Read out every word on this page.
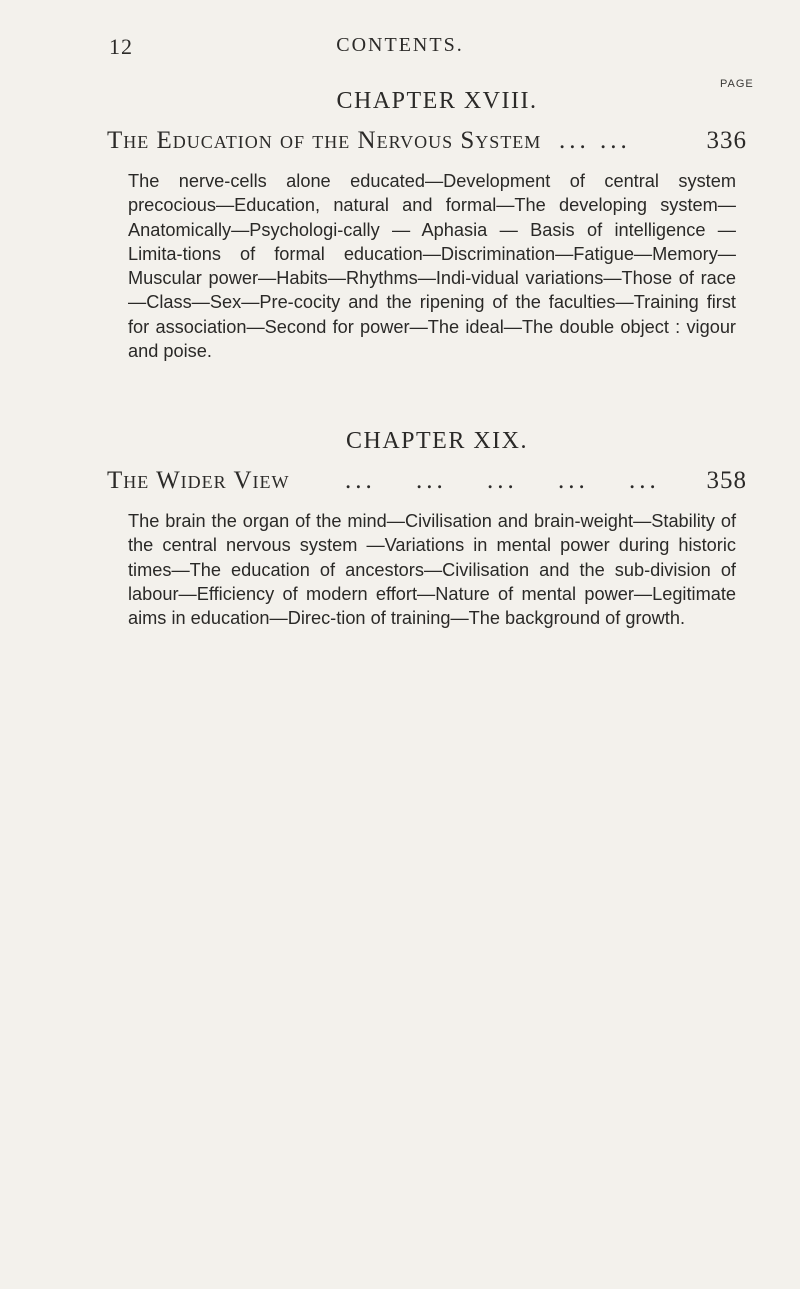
12	CONTENTS.
PAGE
CHAPTER XVIII.
The Education of the Nervous System ... ...	336

The nerve-cells alone educated—Development of central system precocious—Education, natural and formal—The developing system—Anatomically—Psychologi-cally — Aphasia — Basis of intelligence — Limita-tions of formal education—Discrimination—Fatigue—Memory—Muscular power—Habits—Rhythms—Indi-vidual variations—Those of race—Class—Sex—Pre-cocity and the ripening of the faculties—Training first for association—Second for power—The ideal—The double object : vigour and poise.

CHAPTER XIX.
The Wider View ... ... ... ... ... 358

The brain the organ of the mind—Civilisation and brain-weight—Stability of the central nervous system —Variations in mental power during historic times—The education of ancestors—Civilisation and the sub-division of labour—Efficiency of modern effort—Nature of mental power—Legitimate aims in education—Direc-tion of training—The background of growth.
